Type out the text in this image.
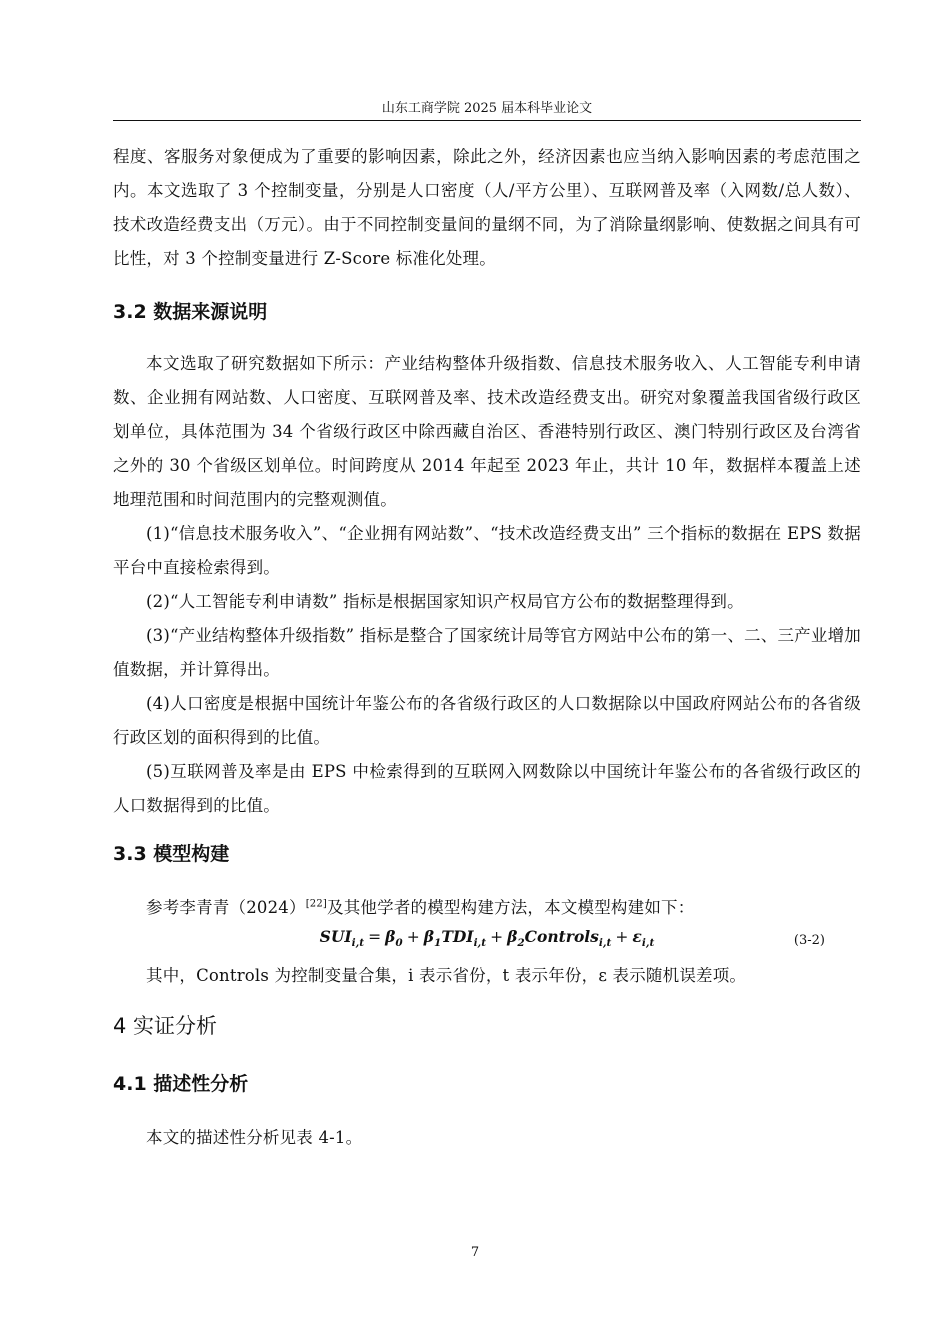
山东工商学院 2025 届本科毕业论文

程度、客服务对象便成为了重要的影响因素，除此之外，经济因素也应当纳入影响因素的考虑范围之内。本文选取了 3 个控制变量，分别是人口密度（人/平方公里）、互联网普及率（入网数/总人数）、技术改造经费支出（万元）。由于不同控制变量间的量纲不同，为了消除量纲影响、使数据之间具有可比性，对 3 个控制变量进行 Z-Score 标准化处理。

3.2 数据来源说明

本文选取了研究数据如下所示：产业结构整体升级指数、信息技术服务收入、人工智能专利申请数、企业拥有网站数、人口密度、互联网普及率、技术改造经费支出。研究对象覆盖我国省级行政区划单位，具体范围为 34 个省级行政区中除西藏自治区、香港特别行政区、澳门特别行政区及台湾省之外的 30 个省级区划单位。时间跨度从 2014 年起至 2023 年止，共计 10 年，数据样本覆盖上述地理范围和时间范围内的完整观测值。

(1)“信息技术服务收入”、“企业拥有网站数”、“技术改造经费支出” 三个指标的数据在 EPS 数据平台中直接检索得到。

(2)“人工智能专利申请数” 指标是根据国家知识产权局官方公布的数据整理得到。

(3)“产业结构整体升级指数” 指标是整合了国家统计局等官方网站中公布的第一、二、三产业增加值数据，并计算得出。

(4)人口密度是根据中国统计年鉴公布的各省级行政区的人口数据除以中国政府网站公布的各省级行政区划的面积得到的比值。

(5)互联网普及率是由 EPS 中检索得到的互联网入网数除以中国统计年鉴公布的各省级行政区的人口数据得到的比值。

3.3 模型构建

参考李青青（2024）[22]及其他学者的模型构建方法，本文模型构建如下：

$SUI_{i,t} = \beta_0 + \beta_1TDI_{i,t}$ + $\beta_2Controls_{i,t} + \varepsilon_{i,t}$	(3-2)

其中，Controls 为控制变量合集，i 表示省份，t 表示年份，ε 表示随机误差项。

4 实证分析
4.1 描述性分析

本文的描述性分析见表 4-1。

7
